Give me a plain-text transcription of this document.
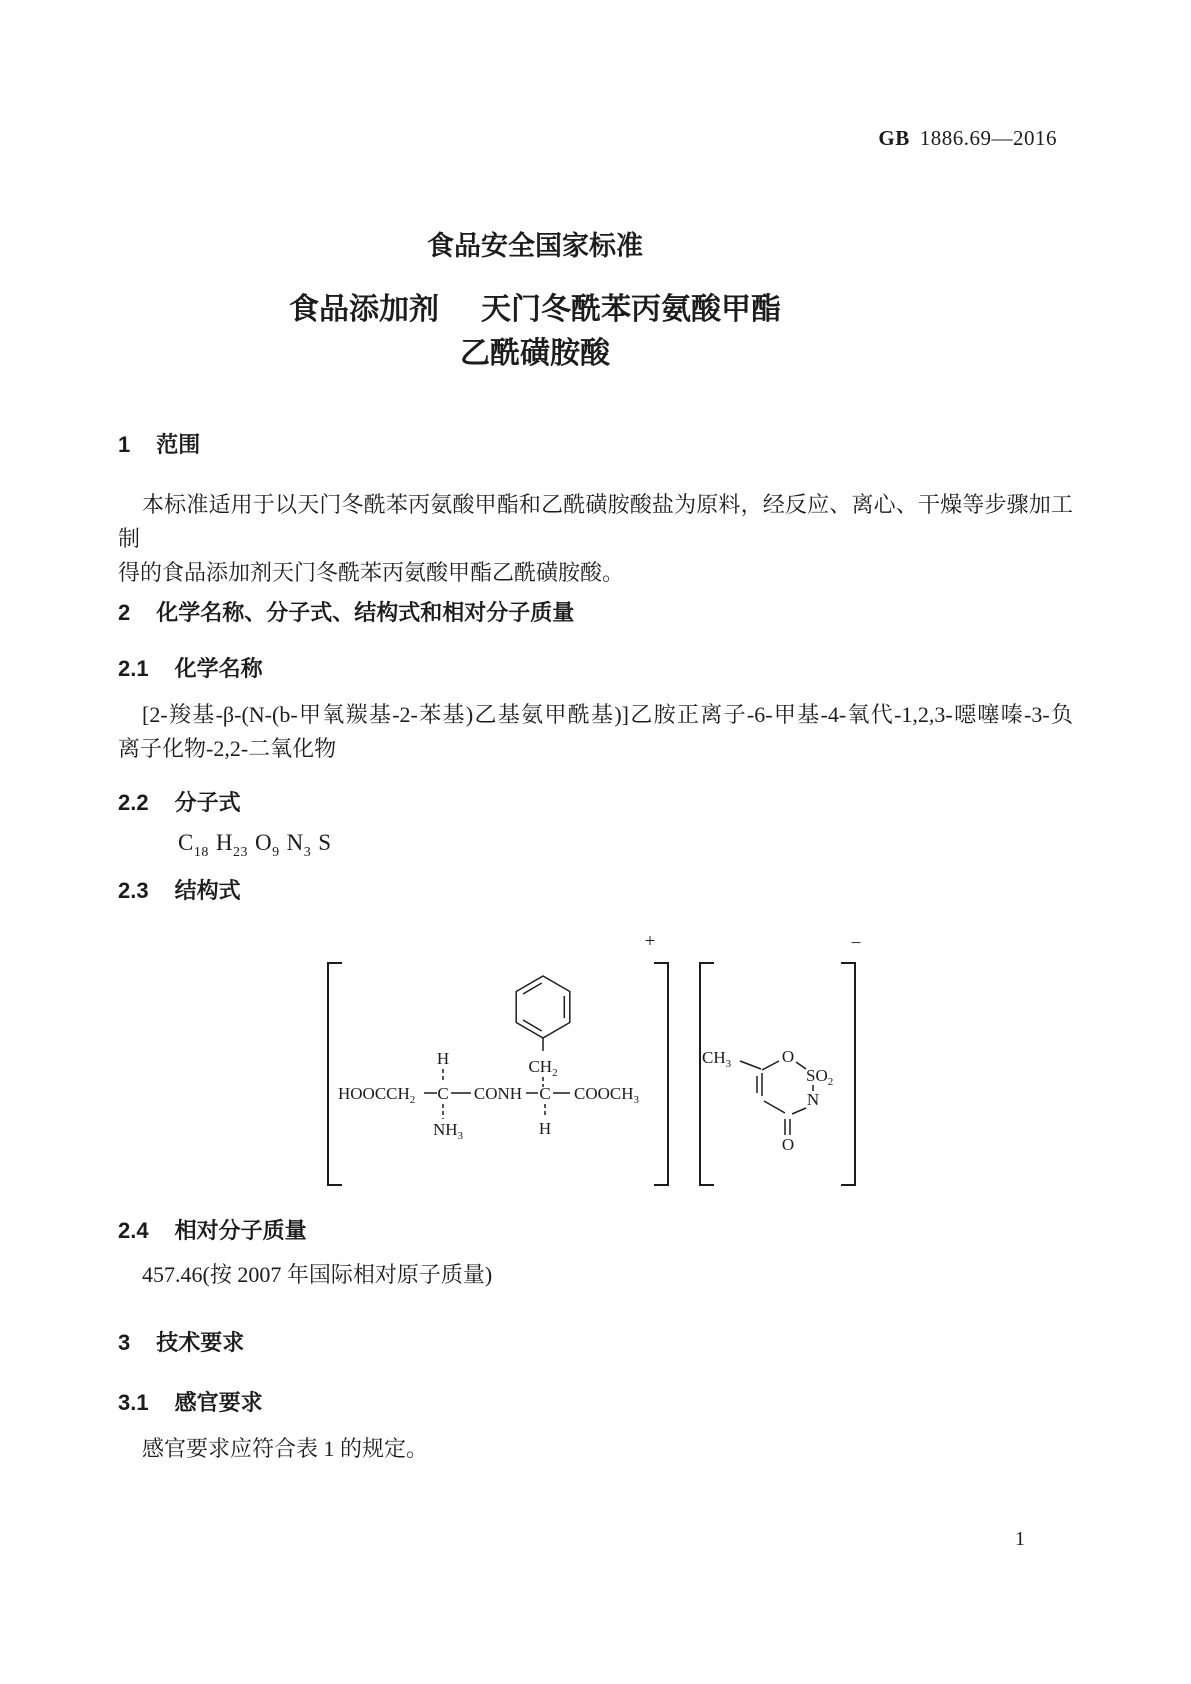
GB 1886.69—2016
食品安全国家标准
食品添加剂 天门冬酰苯丙氨酸甲酯
乙酰磺胺酸
1 范围
本标准适用于以天门冬酰苯丙氨酸甲酯和乙酰磺胺酸盐为原料，经反应、离心、干燥等步骤加工制
得的食品添加剂天门冬酰苯丙氨酸甲酯乙酰磺胺酸。
2 化学名称、分子式、结构式和相对分子质量
2.1 化学名称
[2-羧基-β-(N-(b-甲氧羰基-2-苯基)乙基氨甲酰基)]乙胺正离子-6-甲基-4-氧代-1,2,3-噁噻嗪-3-负
离子化物-2,2-二氧化物
2.2 分子式
$C_{18}$ $H_{23}$ $O_9$ $N_3$ S
2.3 结构式
+	−
$CH_2$
$HOOCCH_2$ C CONH C $COOCH_3$
H
$NH_3$	H
$CH_3$	O
$SO_2$
N
O
2.4 相对分子质量
457.46(按 2007 年国际相对原子质量)
3 技术要求
3.1 感官要求
感官要求应符合表 1 的规定。
1
